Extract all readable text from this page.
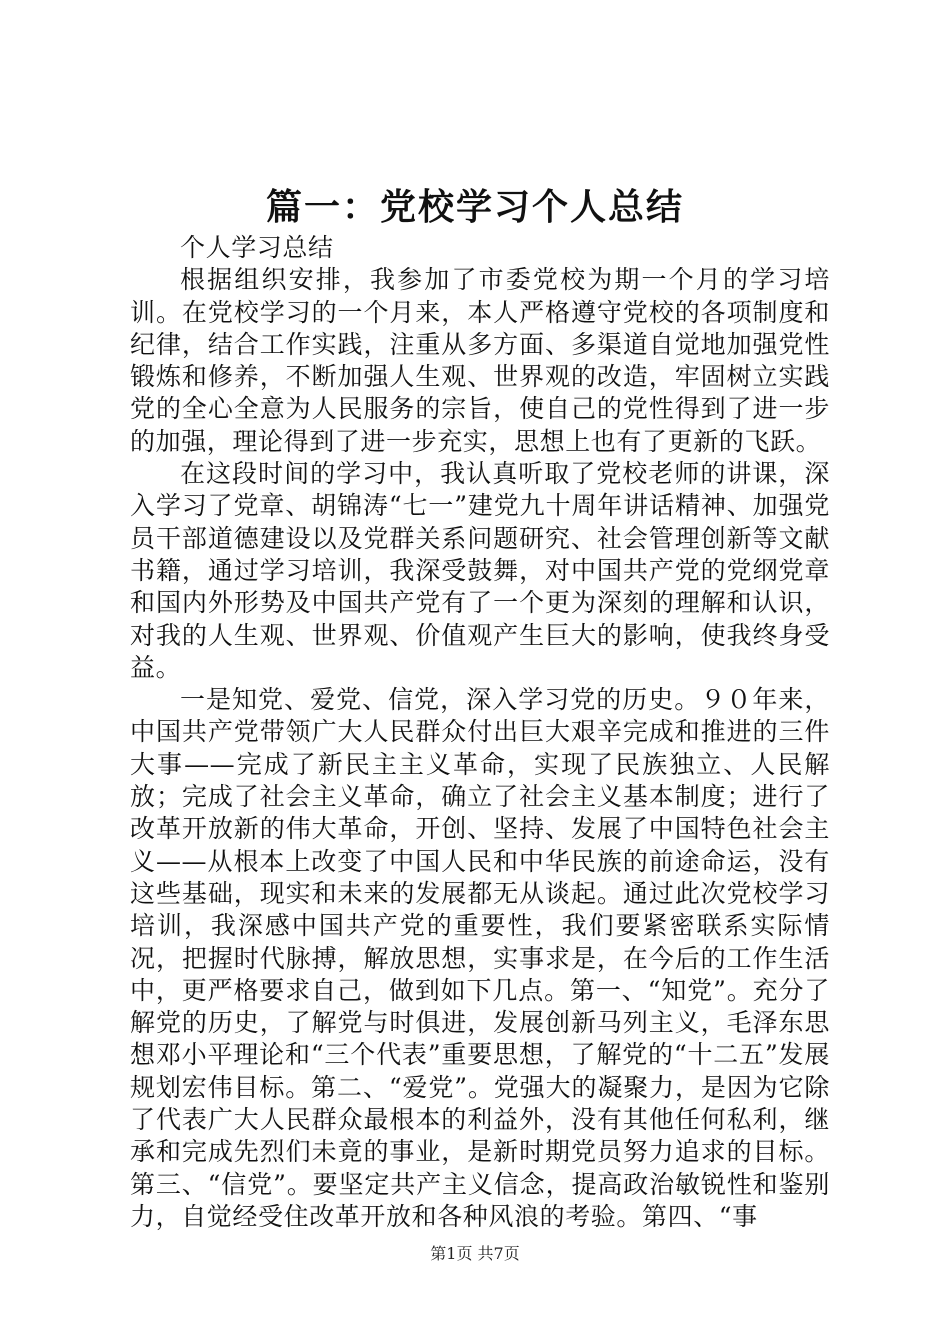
篇一：党校学习个人总结

个人学习总结

根据组织安排，我参加了市委党校为期一个月的学习培训。在党校学习的一个月来，本人严格遵守党校的各项制度和纪律，结合工作实践，注重从多方面、多渠道自觉地加强党性锻炼和修养，不断加强人生观、世界观的改造，牢固树立实践党的全心全意为人民服务的宗旨，使自己的党性得到了进一步的加强，理论得到了进一步充实，思想上也有了更新的飞跃。

在这段时间的学习中，我认真听取了党校老师的讲课，深入学习了党章、胡锦涛“七一”建党九十周年讲话精神、加强党员干部道德建设以及党群关系问题研究、社会管理创新等文献书籍，通过学习培训，我深受鼓舞，对中国共产党的党纲党章和国内外形势及中国共产党有了一个更为深刻的理解和认识，对我的人生观、世界观、价值观产生巨大的影响，使我终身受益。

一是知党、爱党、信党，深入学习党的历史。９０年来，中国共产党带领广大人民群众付出巨大艰辛完成和推进的三件大事——完成了新民主主义革命，实现了民族独立、人民解放；完成了社会主义革命，确立了社会主义基本制度；进行了改革开放新的伟大革命，开创、坚持、发展了中国特色社会主义——从根本上改变了中国人民和中华民族的前途命运，没有这些基础，现实和未来的发展都无从谈起。通过此次党校学习培训，我深感中国共产党的重要性，我们要紧密联系实际情况，把握时代脉搏，解放思想，实事求是，在今后的工作生活中，更严格要求自己，做到如下几点。第一、“知党”。充分了解党的历史，了解党与时俱进，发展创新马列主义，毛泽东思想邓小平理论和“三个代表”重要思想，了解党的“十二五”发展规划宏伟目标。第二、“爱党”。党强大的凝聚力，是因为它除了代表广大人民群众最根本的利益外，没有其他任何私利，继承和完成先烈们未竟的事业，是新时期党员努力追求的目标。第三、“信党”。要坚定共产主义信念，提高政治敏锐性和鉴别力，自觉经受住改革开放和各种风浪的考验。第四、“事

第1页 共7页
